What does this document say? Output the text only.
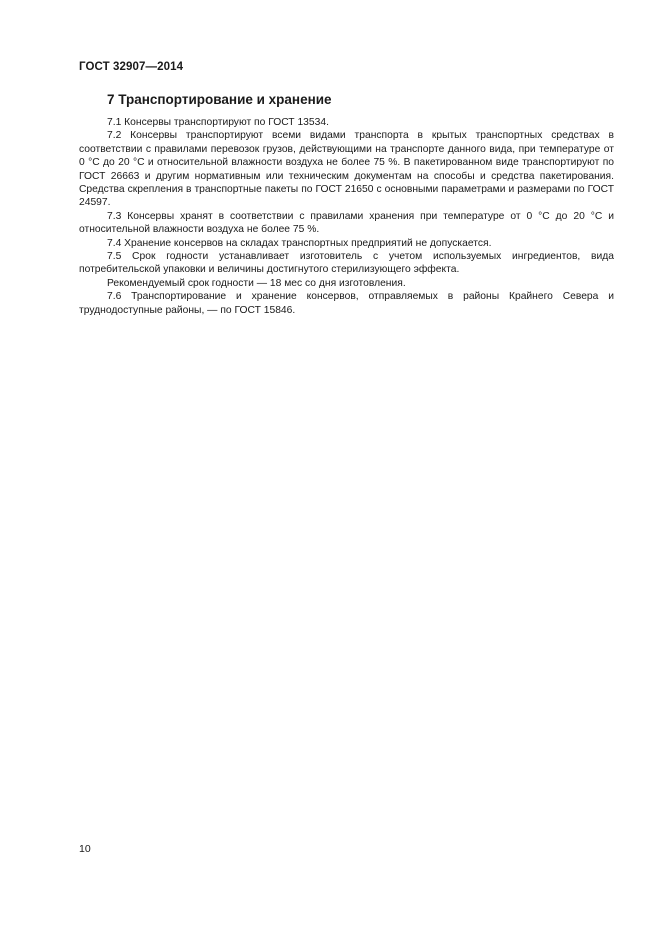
ГОСТ 32907—2014
7 Транспортирование и хранение

7.1 Консервы транспортируют по ГОСТ 13534.

7.2 Консервы транспортируют всеми видами транспорта в крытых транспортных средствах в соответствии с правилами перевозок грузов, действующими на транспорте данного вида, при температуре от 0 °С до 20 °С и относительной влажности воздуха не более 75 %. В пакетированном виде транспортируют по ГОСТ 26663 и другим нормативным или техническим документам на способы и средства пакетирования. Средства скрепления в транспортные пакеты по ГОСТ 21650 с основными параметрами и размерами по ГОСТ 24597.

7.3 Консервы хранят в соответствии с правилами хранения при температуре от 0 °С до 20 °С и относительной влажности воздуха не более 75 %.

7.4 Хранение консервов на складах транспортных предприятий не допускается.

7.5 Срок годности устанавливает изготовитель с учетом используемых ингредиентов, вида потребительской упаковки и величины достигнутого стерилизующего эффекта.

Рекомендуемый срок годности — 18 мес со дня изготовления.

7.6 Транспортирование и хранение консервов, отправляемых в районы Крайнего Севера и труднодоступные районы, — по ГОСТ 15846.

10
